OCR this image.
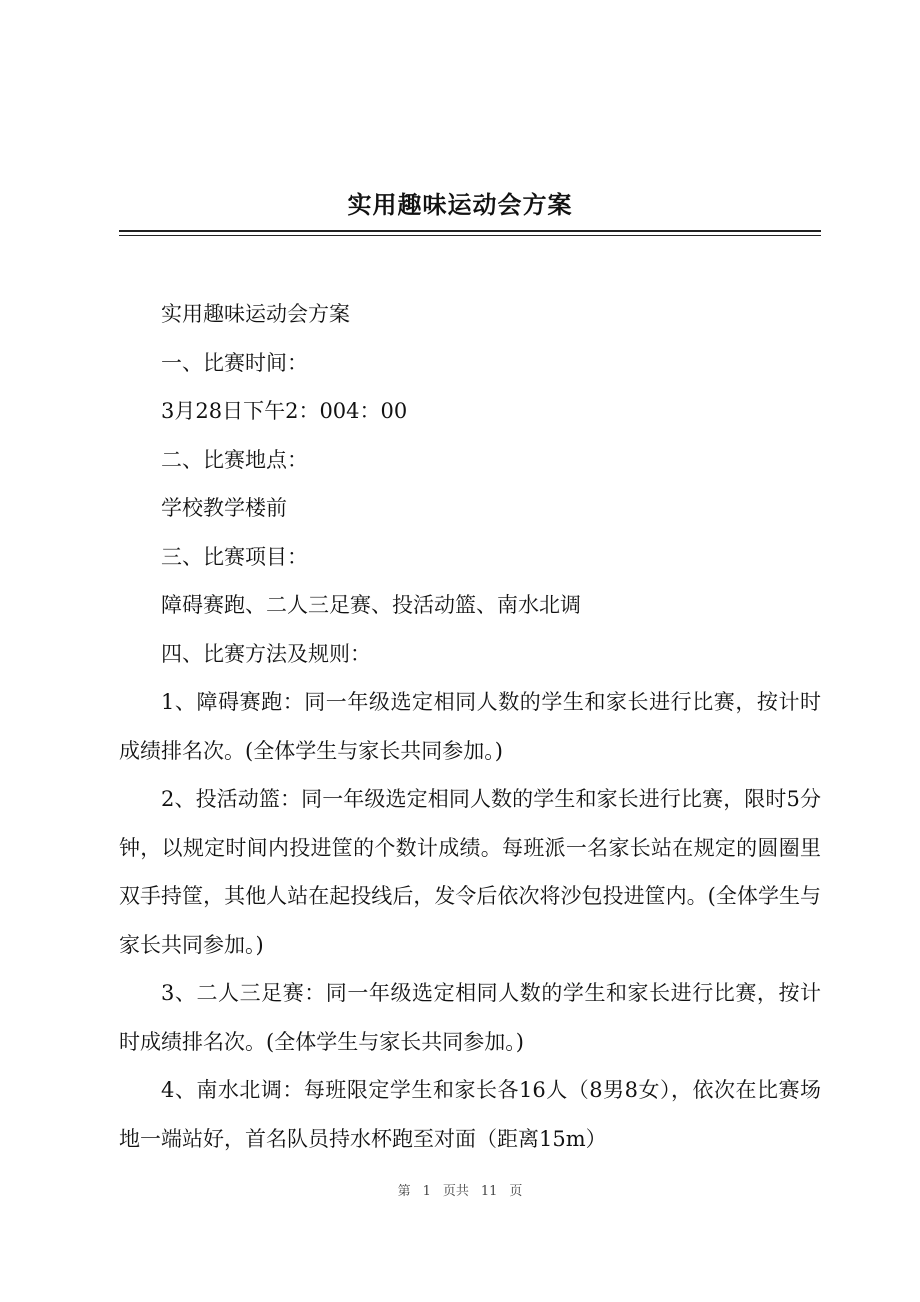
实用趣味运动会方案

实用趣味运动会方案

一、比赛时间：

3月28日下午2：004：00

二、比赛地点：

学校教学楼前

三、比赛项目：

障碍赛跑、二人三足赛、投活动篮、南水北调

四、比赛方法及规则：

1、障碍赛跑：同一年级选定相同人数的学生和家长进行比赛，按计时成绩排名次。(全体学生与家长共同参加。)

2、投活动篮：同一年级选定相同人数的学生和家长进行比赛，限时5分钟，以规定时间内投进筐的个数计成绩。每班派一名家长站在规定的圆圈里双手持筐，其他人站在起投线后，发令后依次将沙包投进筐内。(全体学生与家长共同参加。)

3、二人三足赛：同一年级选定相同人数的学生和家长进行比赛，按计时成绩排名次。(全体学生与家长共同参加。)

4、南水北调：每班限定学生和家长各16人（8男8女），依次在比赛场地一端站好，首名队员持水杯跑至对面（距离15m）

第 1 页共 11 页
